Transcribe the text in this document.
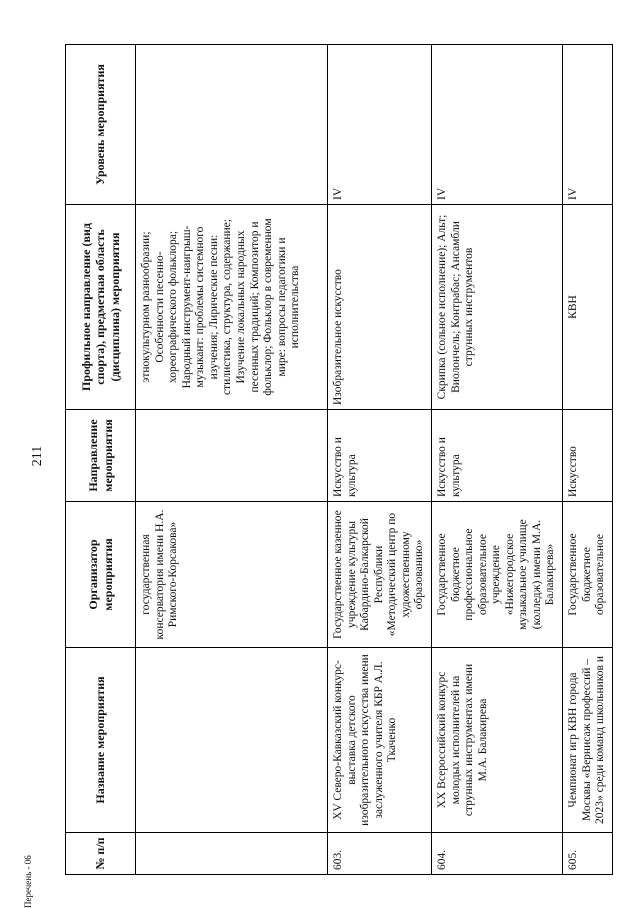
211
Перечень - 06
№ п/п	Название мероприятия	Организатор мероприятия	Направление мероприятия	Профильное направление (вид спорта), предметная область (дисциплина) мероприятия	Уровень мероприятия
		государственная консерватория имени Н.А. Римского-Корсакова»		этнокультурном разнообразии; Особенности песенно-хореографического фольклора; Народный инструмент-наигрыш-музыкант: проблемы системного изучения; Лирические песни: стилистика, структура, содержание; Изучение локальных народных песенных традиций; Композитор и фольклор; Фольклор в современном мире: вопросы педагогики и исполнительства	
603.	XV Северо-Кавказский конкурс-выставка детского изобразительного искусства имени заслуженного учителя КБР А.Л. Ткаченко	Государственное казенное учреждение культуры Кабардино-Балкарской Республики «Методический центр по художественному образованию»	Искусство и культура	Изобразительное искусство	IV
604.	XX Всероссийский конкурс молодых исполнителей на струнных инструментах имени М.А. Балакирева	Государственное бюджетное профессиональное образовательное учреждение «Нижегородское музыкальное училище (колледж) имени М.А. Балакирева»	Искусство и культура	Скрипка (сольное исполнение); Альт; Виолончель; Контрабас; Ансамбли струнных инструментов	IV
605.	Чемпионат игр КВН города Москвы «Вернисаж профессий – 2023» среди команд школьников и	Государственное бюджетное образовательное	Искусство	КВН	IV
